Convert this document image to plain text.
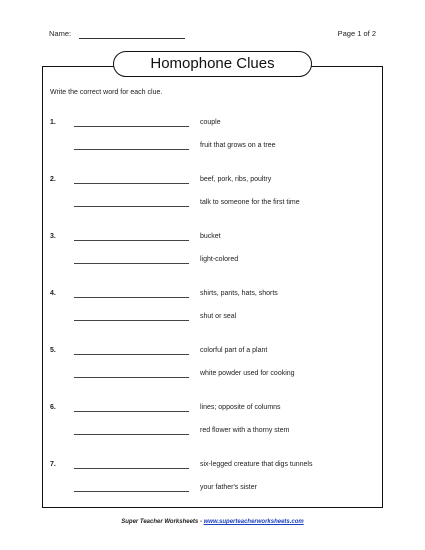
Name:	Page 1 of 2
Homophone Clues
Write the correct word for each clue.
1.	couple
fruit that grows on a tree
2.	beef, pork, ribs, poultry
talk to someone for the first time
3.	bucket
light-colored
4.	shirts, pants, hats, shorts
shut or seal
5.	colorful part of a plant
white powder used for cooking
6.	lines; opposite of columns
red flower with a thorny stem
7.	six-legged creature that digs tunnels
your father's sister
Super Teacher Worksheets - www.superteacherworksheets.com
